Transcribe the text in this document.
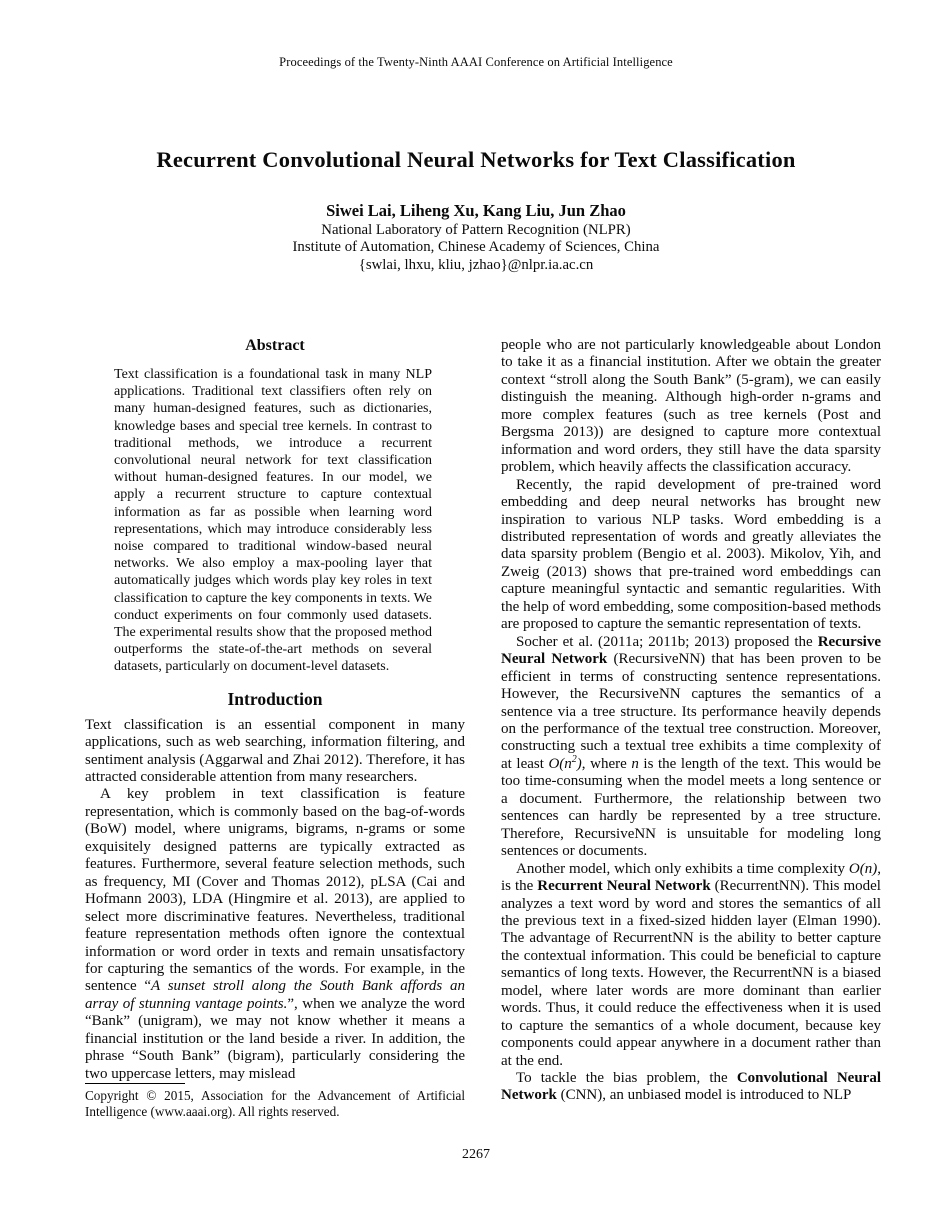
Proceedings of the Twenty-Ninth AAAI Conference on Artificial Intelligence
Recurrent Convolutional Neural Networks for Text Classification
Siwei Lai, Liheng Xu, Kang Liu, Jun Zhao
National Laboratory of Pattern Recognition (NLPR)
Institute of Automation, Chinese Academy of Sciences, China
{swlai, lhxu, kliu, jzhao}@nlpr.ia.ac.cn
Abstract
Text classification is a foundational task in many NLP applications. Traditional text classifiers often rely on many human-designed features, such as dictionaries, knowledge bases and special tree kernels. In contrast to traditional methods, we introduce a recurrent convolutional neural network for text classification without human-designed features. In our model, we apply a recurrent structure to capture contextual information as far as possible when learning word representations, which may introduce considerably less noise compared to traditional window-based neural networks. We also employ a max-pooling layer that automatically judges which words play key roles in text classification to capture the key components in texts. We conduct experiments on four commonly used datasets. The experimental results show that the proposed method outperforms the state-of-the-art methods on several datasets, particularly on document-level datasets.
Introduction

Text classification is an essential component in many applications, such as web searching, information filtering, and sentiment analysis (Aggarwal and Zhai 2012). Therefore, it has attracted considerable attention from many researchers.

A key problem in text classification is feature representation, which is commonly based on the bag-of-words (BoW) model, where unigrams, bigrams, n-grams or some exquisitely designed patterns are typically extracted as features. Furthermore, several feature selection methods, such as frequency, MI (Cover and Thomas 2012), pLSA (Cai and Hofmann 2003), LDA (Hingmire et al. 2013), are applied to select more discriminative features. Nevertheless, traditional feature representation methods often ignore the contextual information or word order in texts and remain unsatisfactory for capturing the semantics of the words. For example, in the sentence “A sunset stroll along the South Bank affords an array of stunning vantage points.”, when we analyze the word “Bank” (unigram), we may not know whether it means a financial institution or the land beside a river. In addition, the phrase “South Bank” (bigram), particularly considering the two uppercase letters, may mislead

Copyright © 2015, Association for the Advancement of Artificial Intelligence (www.aaai.org). All rights reserved.

people who are not particularly knowledgeable about London to take it as a financial institution. After we obtain the greater context “stroll along the South Bank” (5-gram), we can easily distinguish the meaning. Although high-order n-grams and more complex features (such as tree kernels (Post and Bergsma 2013)) are designed to capture more contextual information and word orders, they still have the data sparsity problem, which heavily affects the classification accuracy.

Recently, the rapid development of pre-trained word embedding and deep neural networks has brought new inspiration to various NLP tasks. Word embedding is a distributed representation of words and greatly alleviates the data sparsity problem (Bengio et al. 2003). Mikolov, Yih, and Zweig (2013) shows that pre-trained word embeddings can capture meaningful syntactic and semantic regularities. With the help of word embedding, some composition-based methods are proposed to capture the semantic representation of texts.

Socher et al. (2011a; 2011b; 2013) proposed the Recursive Neural Network (RecursiveNN) that has been proven to be efficient in terms of constructing sentence representations. However, the RecursiveNN captures the semantics of a sentence via a tree structure. Its performance heavily depends on the performance of the textual tree construction. Moreover, constructing such a textual tree exhibits a time complexity of at least $O(n^2)$, where n is the length of the text. This would be too time-consuming when the model meets a long sentence or a document. Furthermore, the relationship between two sentences can hardly be represented by a tree structure. Therefore, RecursiveNN is unsuitable for modeling long sentences or documents.

Another model, which only exhibits a time complexity O(n), is the Recurrent Neural Network (RecurrentNN). This model analyzes a text word by word and stores the semantics of all the previous text in a fixed-sized hidden layer (Elman 1990). The advantage of RecurrentNN is the ability to better capture the contextual information. This could be beneficial to capture semantics of long texts. However, the RecurrentNN is a biased model, where later words are more dominant than earlier words. Thus, it could reduce the effectiveness when it is used to capture the semantics of a whole document, because key components could appear anywhere in a document rather than at the end.

To tackle the bias problem, the Convolutional Neural Network (CNN), an unbiased model is introduced to NLP

2267
